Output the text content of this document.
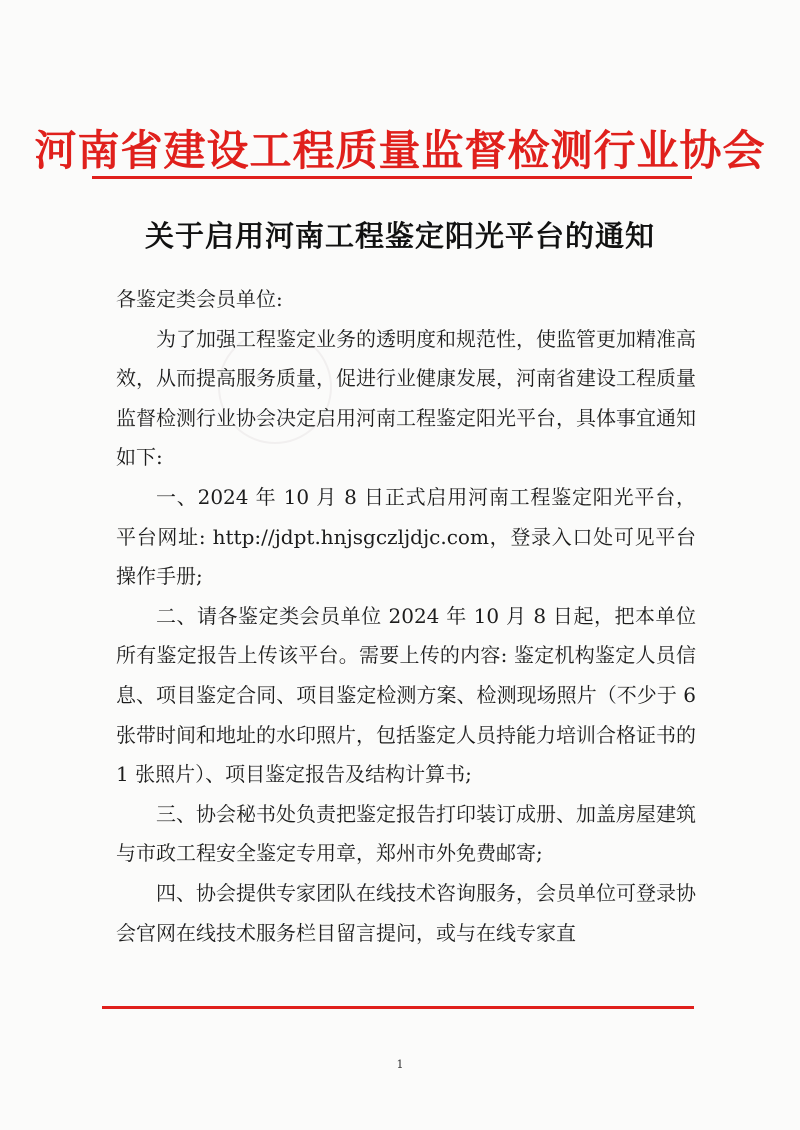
河南省建设工程质量监督检测行业协会
关于启用河南工程鉴定阳光平台的通知

各鉴定类会员单位:

为了加强工程鉴定业务的透明度和规范性，使监管更加精准高效，从而提高服务质量，促进行业健康发展，河南省建设工程质量监督检测行业协会决定启用河南工程鉴定阳光平台，具体事宜通知如下:

一、2024 年 10 月 8 日正式启用河南工程鉴定阳光平台，平台网址: http://jdpt.hnjsgczljdjc.com，登录入口处可见平台操作手册;

二、请各鉴定类会员单位 2024 年 10 月 8 日起，把本单位所有鉴定报告上传该平台。需要上传的内容: 鉴定机构鉴定人员信息、项目鉴定合同、项目鉴定检测方案、检测现场照片（不少于 6 张带时间和地址的水印照片，包括鉴定人员持能力培训合格证书的 1 张照片）、项目鉴定报告及结构计算书;

三、协会秘书处负责把鉴定报告打印装订成册、加盖房屋建筑与市政工程安全鉴定专用章，郑州市外免费邮寄;

四、协会提供专家团队在线技术咨询服务，会员单位可登录协会官网在线技术服务栏目留言提问，或与在线专家直

1
